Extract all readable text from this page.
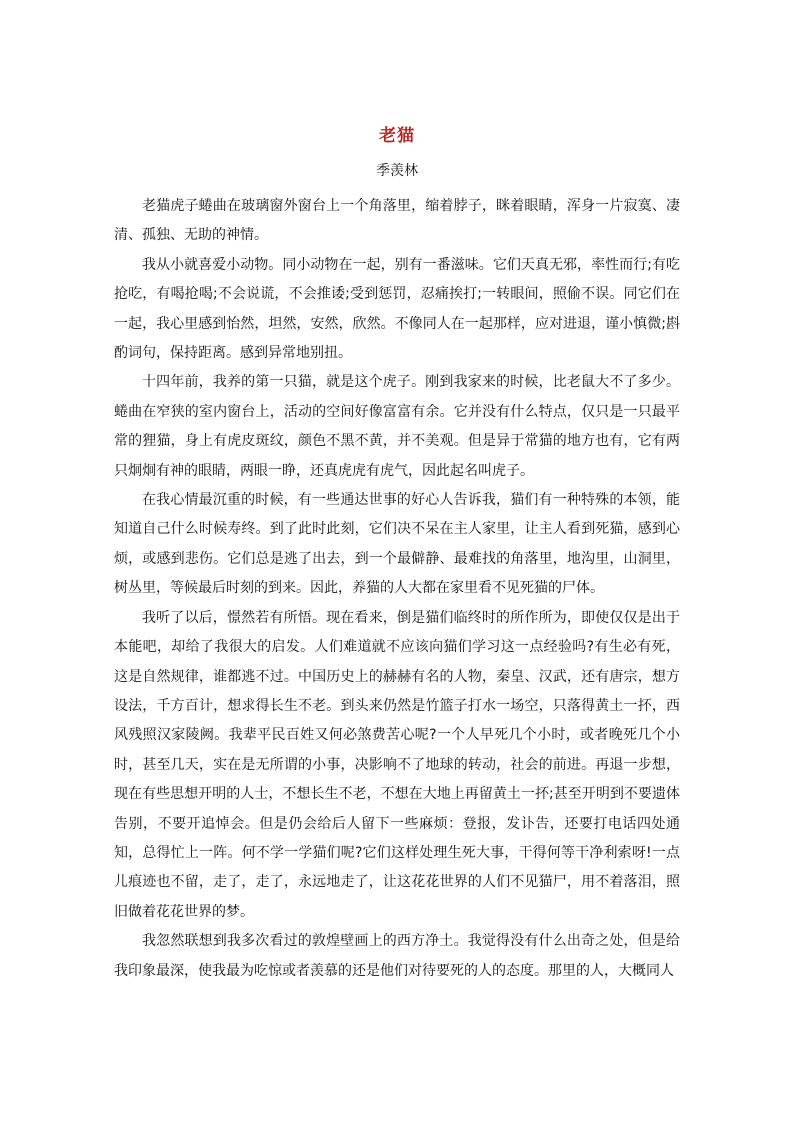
老猫
季羡林

老猫虎子蜷曲在玻璃窗外窗台上一个角落里，缩着脖子，眯着眼睛，浑身一片寂寞、凄清、孤独、无助的神情。

我从小就喜爱小动物。同小动物在一起，别有一番滋味。它们天真无邪，率性而行;有吃抢吃，有喝抢喝;不会说谎，不会推诿;受到惩罚，忍痛挨打;一转眼间，照偷不误。同它们在一起，我心里感到怡然，坦然，安然，欣然。不像同人在一起那样，应对进退，谨小慎微;斟酌词句，保持距离。感到异常地别扭。

十四年前，我养的第一只猫，就是这个虎子。刚到我家来的时候，比老鼠大不了多少。蜷曲在窄狭的室内窗台上，活动的空间好像富富有余。它并没有什么特点，仅只是一只最平常的狸猫，身上有虎皮斑纹，颜色不黑不黄，并不美观。但是异于常猫的地方也有，它有两只炯炯有神的眼睛，两眼一睁，还真虎虎有虎气，因此起名叫虎子。

在我心情最沉重的时候，有一些通达世事的好心人告诉我，猫们有一种特殊的本领，能知道自己什么时候寿终。到了此时此刻，它们决不呆在主人家里，让主人看到死猫，感到心烦，或感到悲伤。它们总是逃了出去，到一个最僻静、最难找的角落里，地沟里，山洞里，树丛里，等候最后时刻的到来。因此，养猫的人大都在家里看不见死猫的尸体。

我听了以后，憬然若有所悟。现在看来，倒是猫们临终时的所作所为，即使仅仅是出于本能吧，却给了我很大的启发。人们难道就不应该向猫们学习这一点经验吗?有生必有死，这是自然规律，谁都逃不过。中国历史上的赫赫有名的人物，秦皇、汉武，还有唐宗，想方设法，千方百计，想求得长生不老。到头来仍然是竹篮子打水一场空，只落得黄土一抔，西风残照汉家陵阙。我辈平民百姓又何必煞费苦心呢?一个人早死几个小时，或者晚死几个小时，甚至几天，实在是无所谓的小事，决影响不了地球的转动，社会的前进。再退一步想，现在有些思想开明的人士，不想长生不老，不想在大地上再留黄土一抔;甚至开明到不要遗体告别，不要开追悼会。但是仍会给后人留下一些麻烦：登报，发讣告，还要打电话四处通知，总得忙上一阵。何不学一学猫们呢?它们这样处理生死大事，干得何等干净利索呀!一点儿痕迹也不留，走了，走了，永远地走了，让这花花世界的人们不见猫尸，用不着落泪，照旧做着花花世界的梦。

我忽然联想到我多次看过的敦煌壁画上的西方净土。我觉得没有什么出奇之处，但是给我印象最深，使我最为吃惊或者羡慕的还是他们对待要死的人的态度。那里的人，大概同人
